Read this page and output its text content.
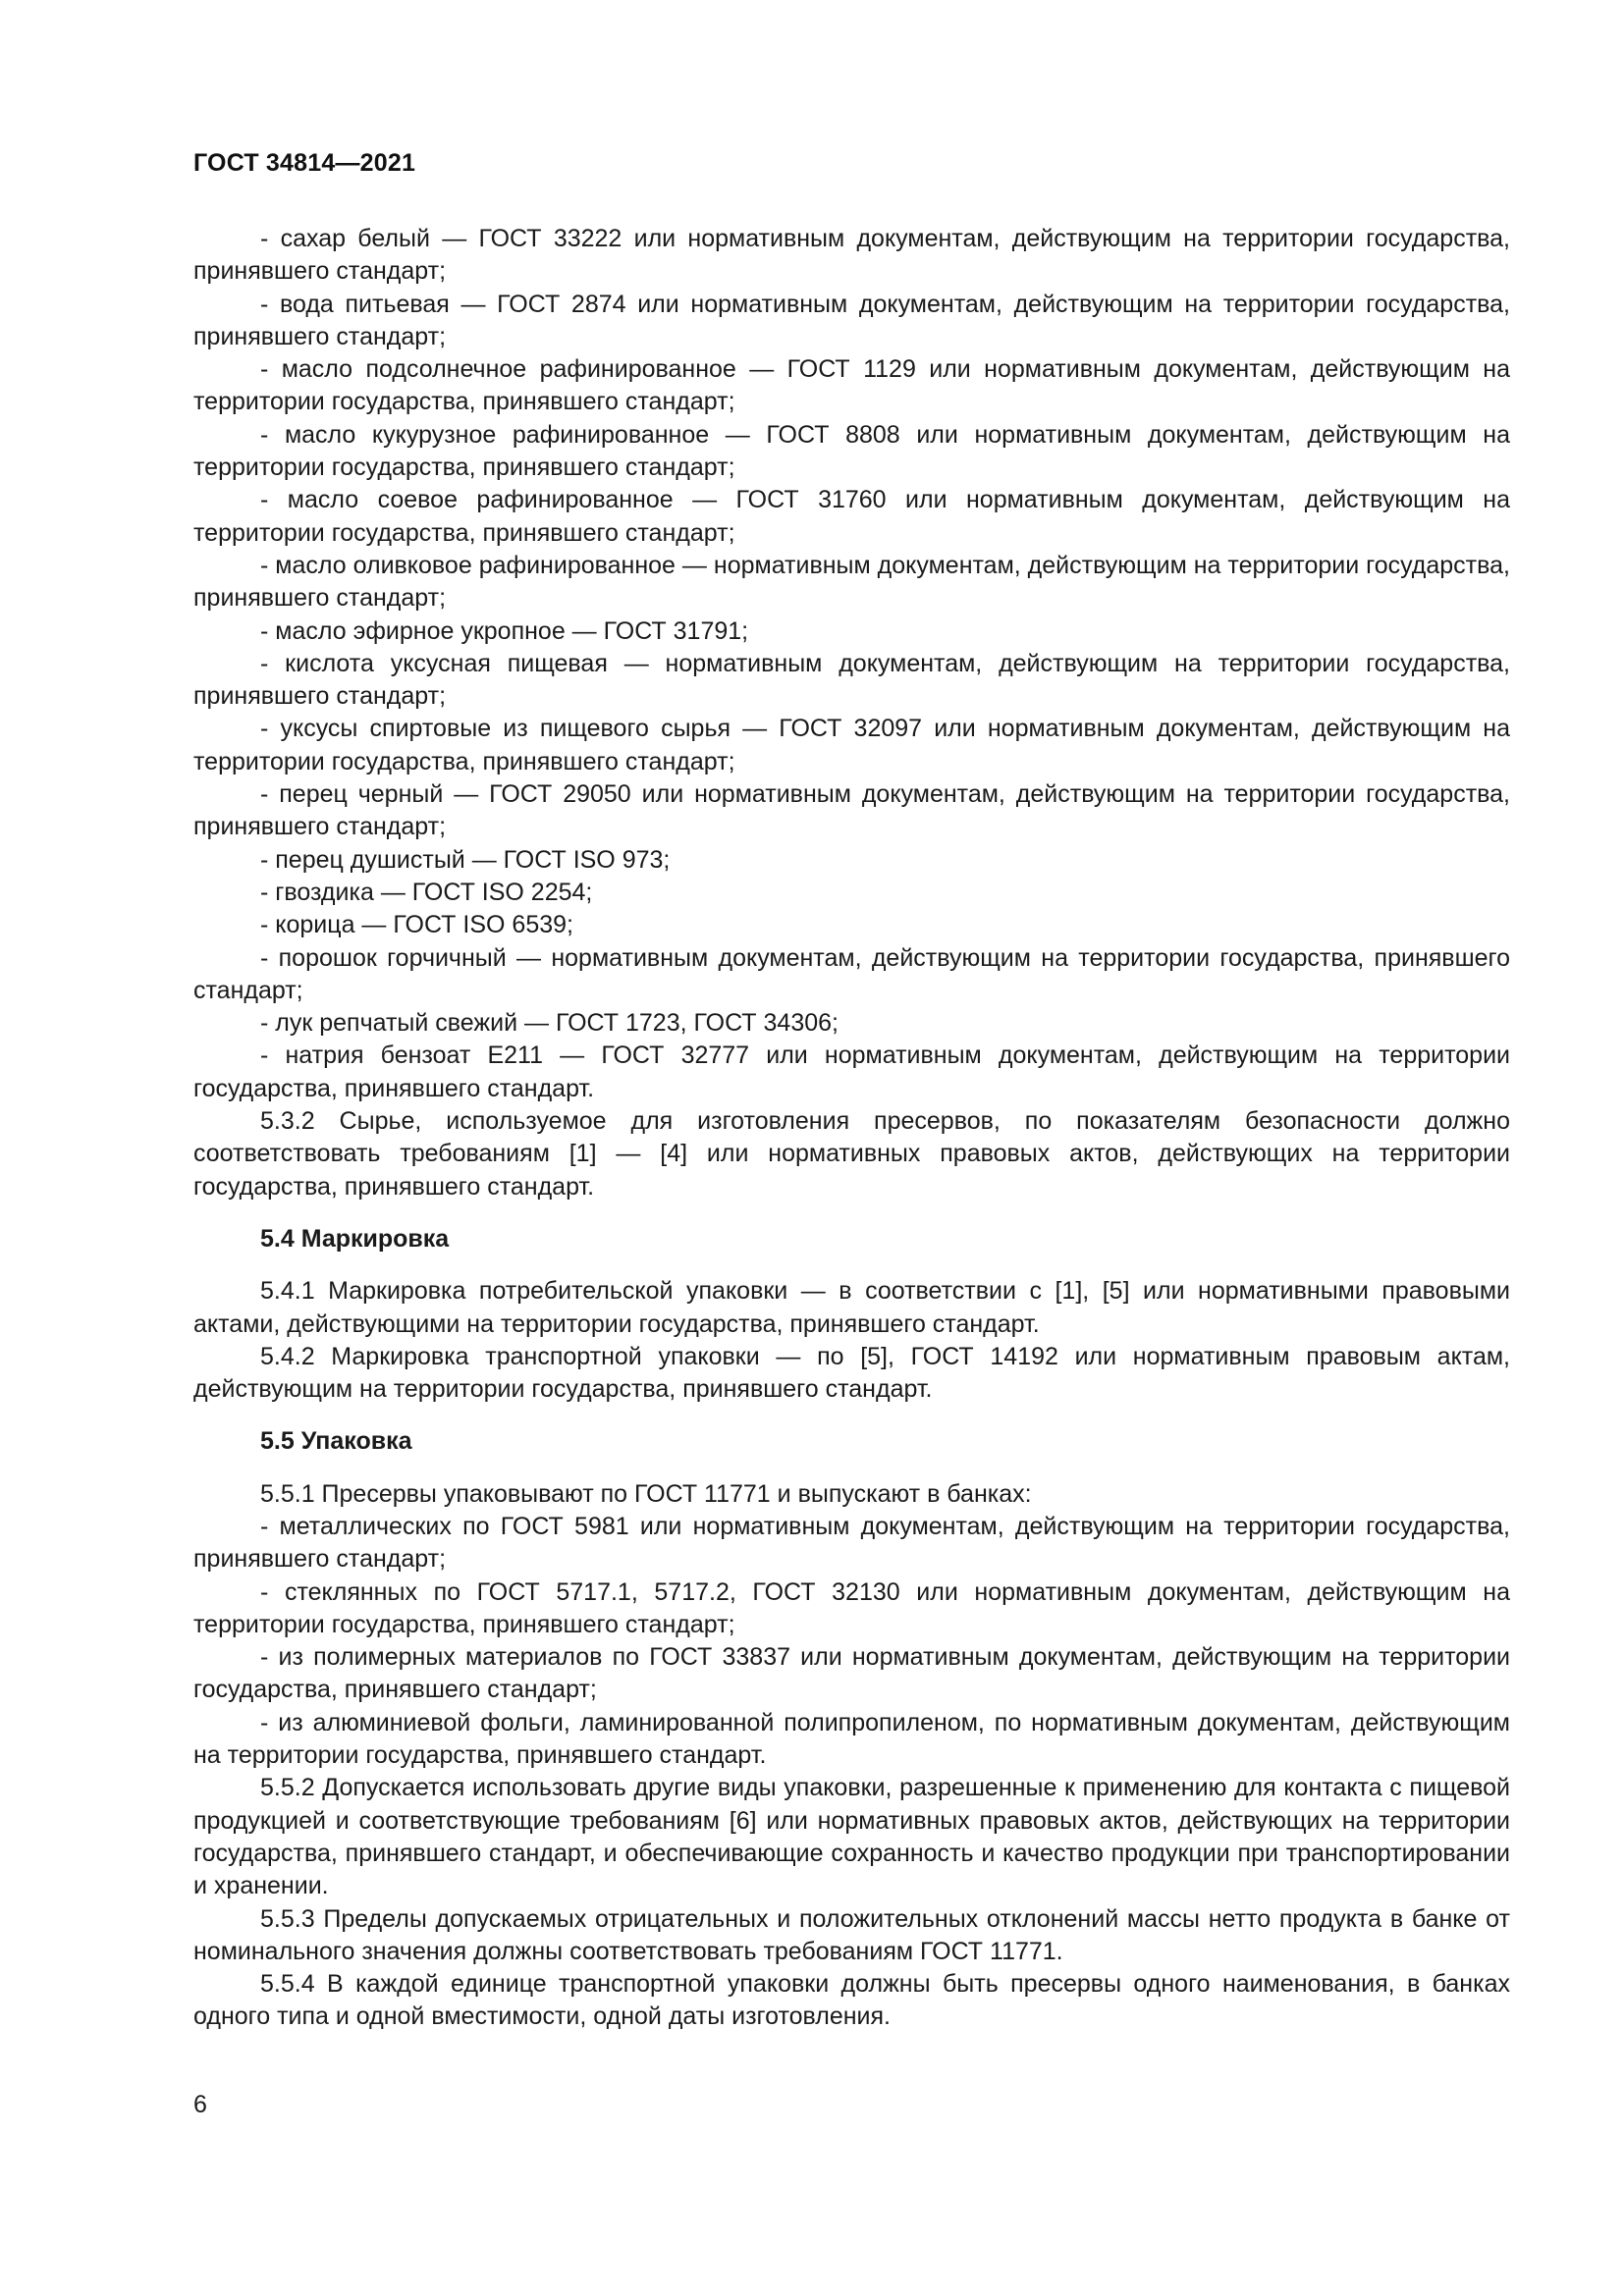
ГОСТ 34814—2021

- сахар белый — ГОСТ 33222 или нормативным документам, действующим на территории государства, принявшего стандарт;

- вода питьевая — ГОСТ 2874 или нормативным документам, действующим на территории государства, принявшего стандарт;

- масло подсолнечное рафинированное — ГОСТ 1129 или нормативным документам, действующим на территории государства, принявшего стандарт;

- масло кукурузное рафинированное — ГОСТ 8808 или нормативным документам, действующим на территории государства, принявшего стандарт;

- масло соевое рафинированное — ГОСТ 31760 или нормативным документам, действующим на территории государства, принявшего стандарт;

- масло оливковое рафинированное — нормативным документам, действующим на территории государства, принявшего стандарт;

- масло эфирное укропное — ГОСТ 31791;

- кислота уксусная пищевая — нормативным документам, действующим на территории государства, принявшего стандарт;

- уксусы спиртовые из пищевого сырья — ГОСТ 32097 или нормативным документам, действующим на территории государства, принявшего стандарт;

- перец черный — ГОСТ 29050 или нормативным документам, действующим на территории государства, принявшего стандарт;

- перец душистый — ГОСТ ISO 973;

- гвоздика — ГОСТ ISO 2254;

- корица — ГОСТ ISO 6539;

- порошок горчичный — нормативным документам, действующим на территории государства, принявшего стандарт;

- лук репчатый свежий — ГОСТ 1723, ГОСТ 34306;

- натрия бензоат Е211 — ГОСТ 32777 или нормативным документам, действующим на территории государства, принявшего стандарт.

5.3.2 Сырье, используемое для изготовления пресервов, по показателям безопасности должно соответствовать требованиям [1] — [4] или нормативных правовых актов, действующих на территории государства, принявшего стандарт.

5.4 Маркировка

5.4.1 Маркировка потребительской упаковки — в соответствии с [1], [5] или нормативными правовыми актами, действующими на территории государства, принявшего стандарт.

5.4.2 Маркировка транспортной упаковки — по [5], ГОСТ 14192 или нормативным правовым актам, действующим на территории государства, принявшего стандарт.

5.5 Упаковка

5.5.1 Пресервы упаковывают по ГОСТ 11771 и выпускают в банках:

- металлических по ГОСТ 5981 или нормативным документам, действующим на территории государства, принявшего стандарт;

- стеклянных по ГОСТ 5717.1, 5717.2, ГОСТ 32130 или нормативным документам, действующим на территории государства, принявшего стандарт;

- из полимерных материалов по ГОСТ 33837 или нормативным документам, действующим на территории государства, принявшего стандарт;

- из алюминиевой фольги, ламинированной полипропиленом, по нормативным документам, действующим на территории государства, принявшего стандарт.

5.5.2 Допускается использовать другие виды упаковки, разрешенные к применению для контакта с пищевой продукцией и соответствующие требованиям [6] или нормативных правовых актов, действующих на территории государства, принявшего стандарт, и обеспечивающие сохранность и качество продукции при транспортировании и хранении.

5.5.3 Пределы допускаемых отрицательных и положительных отклонений массы нетто продукта в банке от номинального значения должны соответствовать требованиям ГОСТ 11771.

5.5.4 В каждой единице транспортной упаковки должны быть пресервы одного наименования, в банках одного типа и одной вместимости, одной даты изготовления.

6
